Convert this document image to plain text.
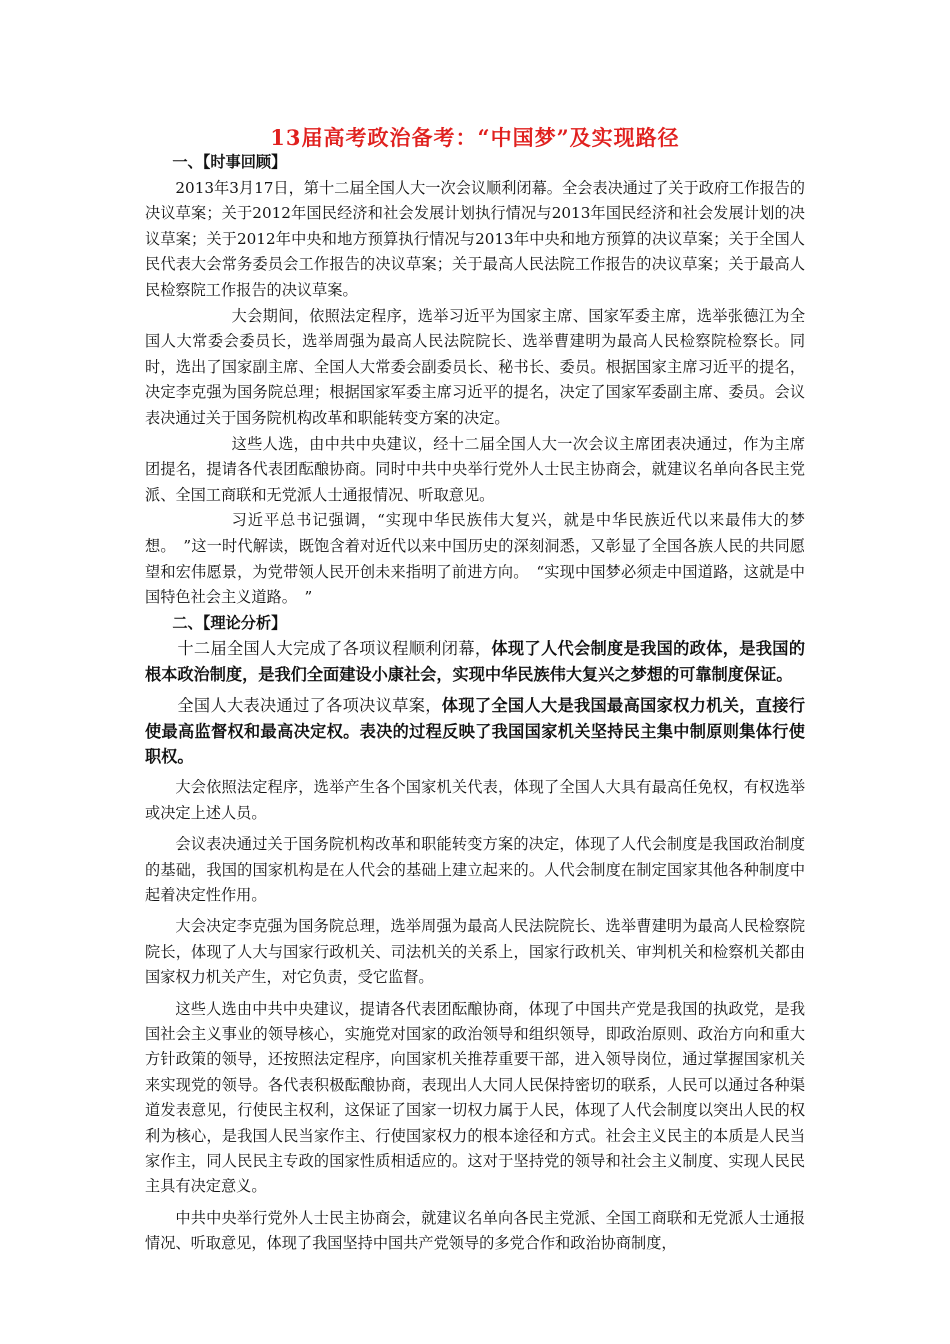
13届高考政治备考：“中国梦”及实现路径
一、【时事回顾】

2013年3月17日，第十二届全国人大一次会议顺利闭幕。全会表决通过了关于政府工作报告的决议草案；关于2012年国民经济和社会发展计划执行情况与2013年国民经济和社会发展计划的决议草案；关于2012年中央和地方预算执行情况与2013年中央和地方预算的决议草案；关于全国人民代表大会常务委员会工作报告的决议草案；关于最高人民法院工作报告的决议草案；关于最高人民检察院工作报告的决议草案。

大会期间，依照法定程序，选举习近平为国家主席、国家军委主席，选举张德江为全国人大常委会委员长，选举周强为最高人民法院院长、选举曹建明为最高人民检察院检察长。同时，选出了国家副主席、全国人大常委会副委员长、秘书长、委员。根据国家主席习近平的提名，决定李克强为国务院总理；根据国家军委主席习近平的提名，决定了国家军委副主席、委员。会议表决通过关于国务院机构改革和职能转变方案的决定。

这些人选，由中共中央建议，经十二届全国人大一次会议主席团表决通过，作为主席团提名，提请各代表团酝酿协商。同时中共中央举行党外人士民主协商会，就建议名单向各民主党派、全国工商联和无党派人士通报情况、听取意见。

习近平总书记强调，“实现中华民族伟大复兴，就是中华民族近代以来最伟大的梦想。　”这一时代解读，既饱含着对近代以来中国历史的深刻洞悉，又彰显了全国各族人民的共同愿望和宏伟愿景，为党带领人民开创未来指明了前进方向。　“实现中国梦必须走中国道路，这就是中国特色社会主义道路。　”

二、【理论分析】

十二届全国人大完成了各项议程顺利闭幕，体现了人代会制度是我国的政体，是我国的根本政治制度，是我们全面建设小康社会，实现中华民族伟大复兴之梦想的可靠制度保证。

全国人大表决通过了各项决议草案，体现了全国人大是我国最高国家权力机关，直接行使最高监督权和最高决定权。表决的过程反映了我国国家机关坚持民主集中制原则集体行使职权。

大会依照法定程序，选举产生各个国家机关代表，体现了全国人大具有最高任免权，有权选举或决定上述人员。

会议表决通过关于国务院机构改革和职能转变方案的决定，体现了人代会制度是我国政治制度的基础，我国的国家机构是在人代会的基础上建立起来的。人代会制度在制定国家其他各种制度中起着决定性作用。

大会决定李克强为国务院总理，选举周强为最高人民法院院长、选举曹建明为最高人民检察院院长，体现了人大与国家行政机关、司法机关的关系上，国家行政机关、审判机关和检察机关都由国家权力机关产生，对它负责，受它监督。

这些人选由中共中央建议，提请各代表团酝酿协商，体现了中国共产党是我国的执政党，是我国社会主义事业的领导核心，实施党对国家的政治领导和组织领导，即政治原则、政治方向和重大方针政策的领导，还按照法定程序，向国家机关推荐重要干部，进入领导岗位，通过掌握国家机关来实现党的领导。各代表积极酝酿协商，表现出人大同人民保持密切的联系，人民可以通过各种渠道发表意见，行使民主权利，这保证了国家一切权力属于人民，体现了人代会制度以突出人民的权利为核心，是我国人民当家作主、行使国家权力的根本途径和方式。社会主义民主的本质是人民当家作主，同人民民主专政的国家性质相适应的。这对于坚持党的领导和社会主义制度、实现人民民主具有决定意义。

中共中央举行党外人士民主协商会，就建议名单向各民主党派、全国工商联和无党派人士通报情况、听取意见，体现了我国坚持中国共产党领导的多党合作和政治协商制度，
